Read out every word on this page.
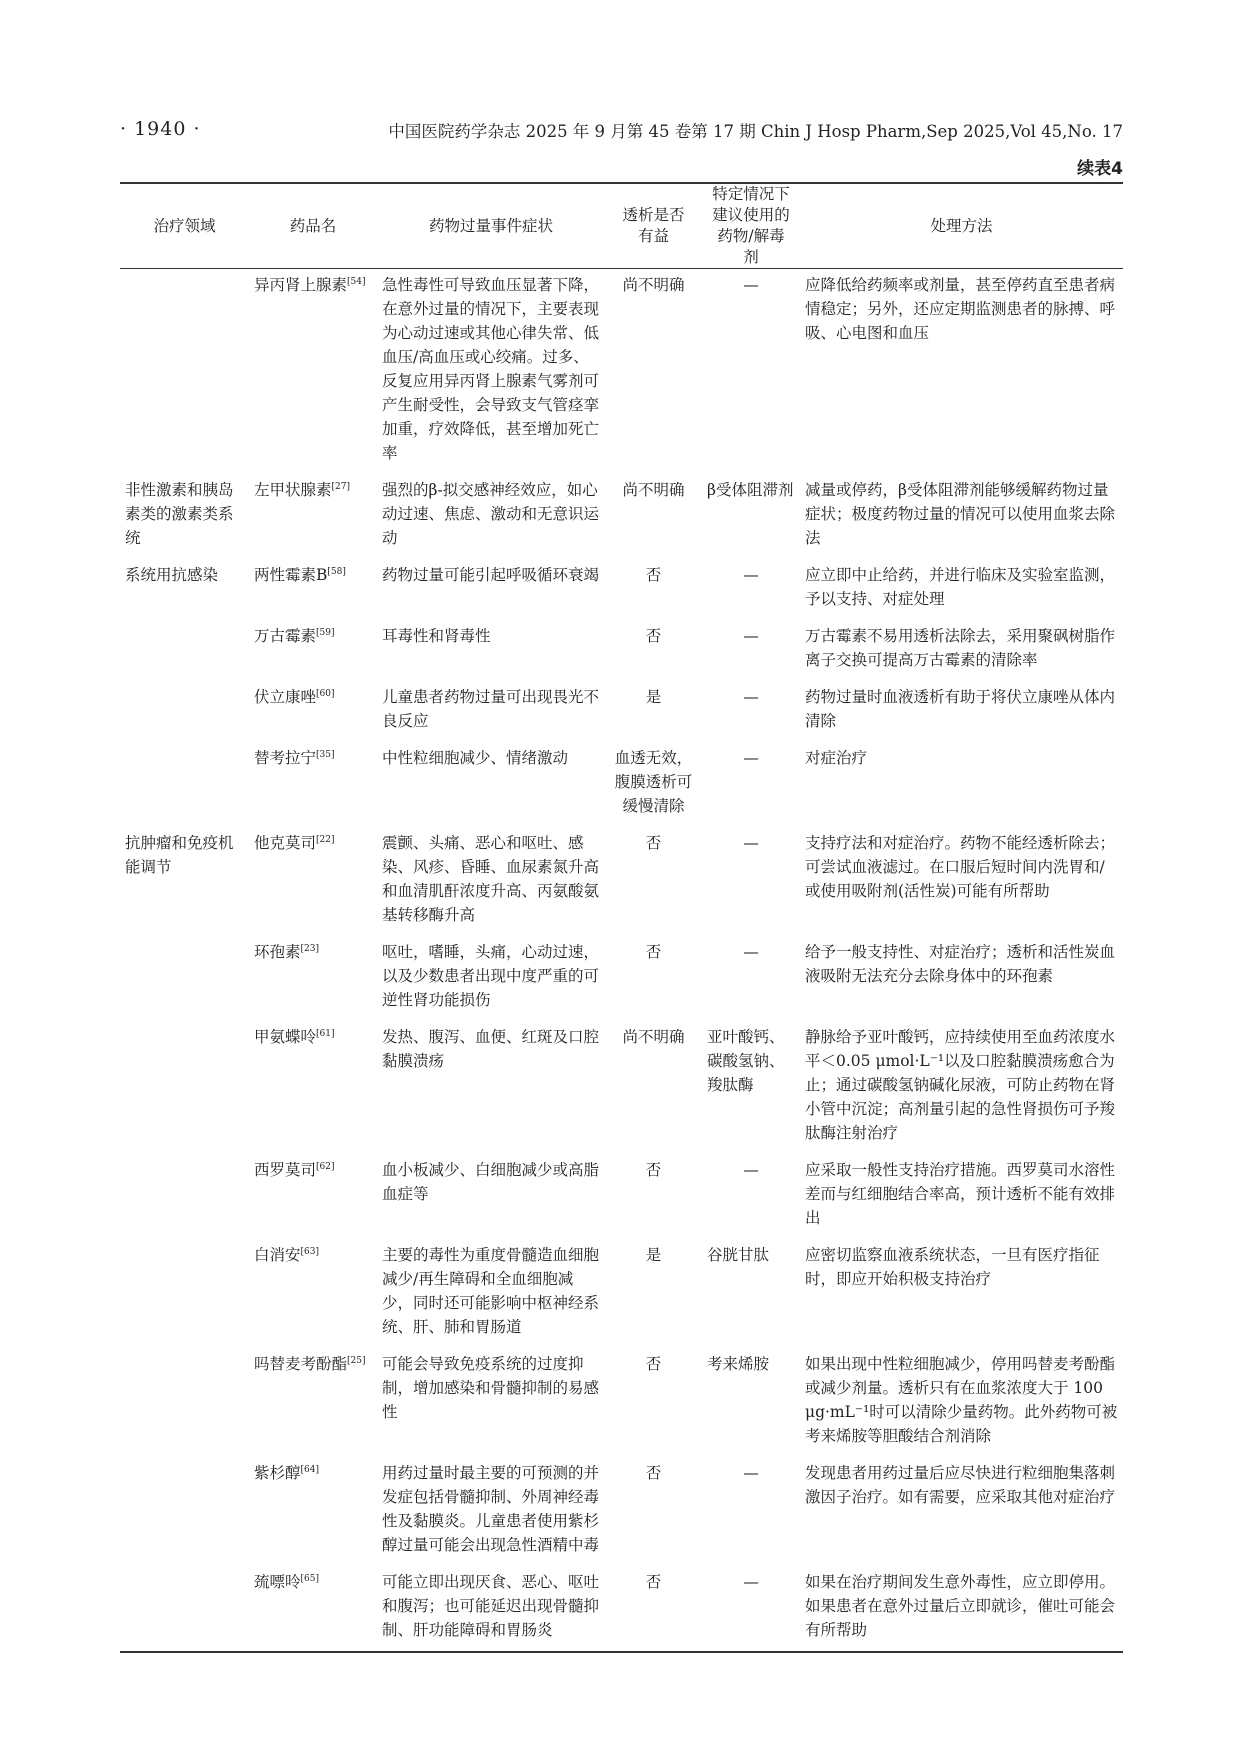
· 1940 ·	中国医院药学杂志 2025 年 9 月第 45 卷第 17 期 Chin J Hosp Pharm,Sep 2025,Vol 45,No. 17
续表4
治疗领域	药品名	药物过量事件症状	透析是否有益	特定情况下建议使用的药物/解毒剂	处理方法
	异丙肾上腺素[54]	急性毒性可导致血压显著下降，在意外过量的情况下，主要表现为心动过速或其他心律失常、低血压/高血压或心绞痛。过多、反复应用异丙肾上腺素气雾剂可产生耐受性，会导致支气管痉挛加重，疗效降低，甚至增加死亡率	尚不明确	—	应降低给药频率或剂量，甚至停药直至患者病情稳定；另外，还应定期监测患者的脉搏、呼吸、心电图和血压
非性激素和胰岛素类的激素类系统	左甲状腺素[27]	强烈的β-拟交感神经效应，如心动过速、焦虑、激动和无意识运动	尚不明确	β受体阻滞剂	减量或停药，β受体阻滞剂能够缓解药物过量症状；极度药物过量的情况可以使用血浆去除法
系统用抗感染	两性霉素B[58]	药物过量可能引起呼吸循环衰竭	否	—	应立即中止给药，并进行临床及实验室监测，予以支持、对症处理
	万古霉素[59]	耳毒性和肾毒性	否	—	万古霉素不易用透析法除去，采用聚砜树脂作离子交换可提高万古霉素的清除率
	伏立康唑[60]	儿童患者药物过量可出现畏光不良反应	是	—	药物过量时血液透析有助于将伏立康唑从体内清除
	替考拉宁[35]	中性粒细胞减少、情绪激动	血透无效，腹膜透析可缓慢清除	—	对症治疗
抗肿瘤和免疫机能调节	他克莫司[22]	震颤、头痛、恶心和呕吐、感染、风疹、昏睡、血尿素氮升高和血清肌酐浓度升高、丙氨酸氨基转移酶升高	否	—	支持疗法和对症治疗。药物不能经透析除去；可尝试血液滤过。在口服后短时间内洗胃和/或使用吸附剂(活性炭)可能有所帮助
	环孢素[23]	呕吐，嗜睡，头痛，心动过速，以及少数患者出现中度严重的可逆性肾功能损伤	否	—	给予一般支持性、对症治疗；透析和活性炭血液吸附无法充分去除身体中的环孢素
	甲氨蝶呤[61]	发热、腹泻、血便、红斑及口腔黏膜溃疡	尚不明确	亚叶酸钙、碳酸氢钠、羧肽酶	静脉给予亚叶酸钙，应持续使用至血药浓度水平＜0.05 μmol·L⁻¹以及口腔黏膜溃疡愈合为止；通过碳酸氢钠碱化尿液，可防止药物在肾小管中沉淀；高剂量引起的急性肾损伤可予羧肽酶注射治疗
	西罗莫司[62]	血小板减少、白细胞减少或高脂血症等	否	—	应采取一般性支持治疗措施。西罗莫司水溶性差而与红细胞结合率高，预计透析不能有效排出
	白消安[63]	主要的毒性为重度骨髓造血细胞减少/再生障碍和全血细胞减少，同时还可能影响中枢神经系统、肝、肺和胃肠道	是	谷胱甘肽	应密切监察血液系统状态，一旦有医疗指征时，即应开始积极支持治疗
	吗替麦考酚酯[25]	可能会导致免疫系统的过度抑制，增加感染和骨髓抑制的易感性	否	考来烯胺	如果出现中性粒细胞减少，停用吗替麦考酚酯或减少剂量。透析只有在血浆浓度大于 100 μg·mL⁻¹时可以清除少量药物。此外药物可被考来烯胺等胆酸结合剂消除
	紫杉醇[64]	用药过量时最主要的可预测的并发症包括骨髓抑制、外周神经毒性及黏膜炎。儿童患者使用紫杉醇过量可能会出现急性酒精中毒	否	—	发现患者用药过量后应尽快进行粒细胞集落刺激因子治疗。如有需要，应采取其他对症治疗
	巯嘌呤[65]	可能立即出现厌食、恶心、呕吐和腹泻；也可能延迟出现骨髓抑制、肝功能障碍和胃肠炎	否	—	如果在治疗期间发生意外毒性，应立即停用。如果患者在意外过量后立即就诊，催吐可能会有所帮助
